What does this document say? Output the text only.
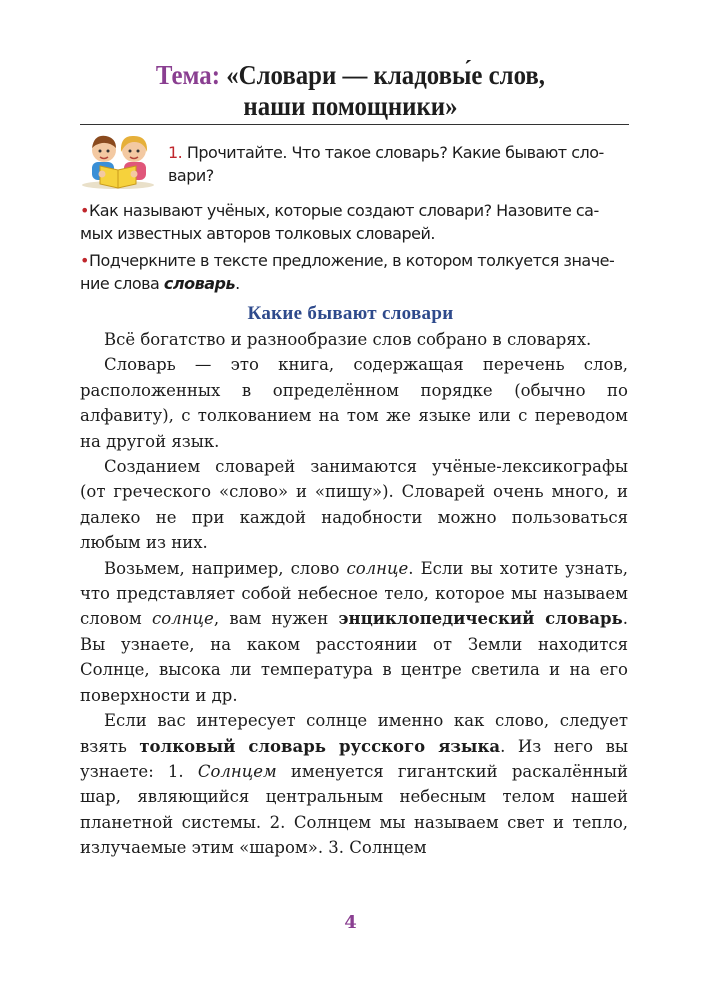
Тема: «Словари — кладовы́е слов,
наши помощники»
1. Прочитайте. Что такое словарь? Какие бывают сло-
вари?
•Как называют учёных, которые создают словари? Назовите са-
мых известных авторов толковых словарей.
•Подчеркните в тексте предложение, в котором толкуется значе-
ние слова словарь.
Какие бывают словари

Всё богатство и разнообразие слов собрано в словарях.

Словарь — это книга, содержащая перечень слов, расположенных в определённом порядке (обычно по алфавиту), с толкованием на том же языке или с переводом на другой язык.

Созданием словарей занимаются учёные-лексикографы (от греческого «слово» и «пишу»). Словарей очень много, и далеко не при каждой надобности можно пользоваться любым из них.

Возьмем, например, слово солнце. Если вы хотите узнать, что представляет собой небесное тело, которое мы называем словом солнце, вам нужен энциклопедический словарь. Вы узнаете, на каком расстоянии от Земли находится Солнце, высока ли температура в центре светила и на его поверхности и др.

Если вас интересует солнце именно как слово, следует взять толковый словарь русского языка. Из него вы узнаете: 1. Солнцем именуется гигантский раскалённый шар, являющийся центральным небесным телом нашей планетной системы. 2. Солнцем мы называем свет и тепло, излучаемые этим «шаром». 3. Солнцем

4
